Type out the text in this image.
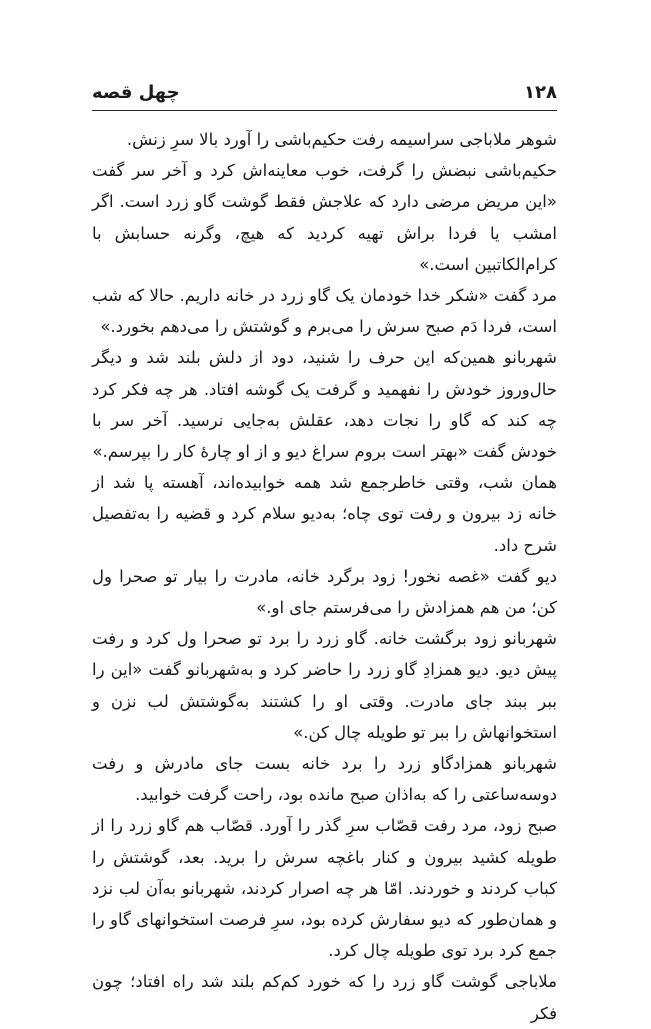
۱۲۸
چهل قصه

شوهر ملاباجی سراسیمه رفت حکیم‌باشی را آورد بالا سرِ زنش.

حکیم‌باشی نبضش را گرفت، خوب معاینه‌اش کرد و آخر سر گفت «این مریض مرضی دارد که علاجش فقط گوشت گاو زرد است. اگر امشب یا فردا براش تهیه کردید که هیچ، وگرنه حسابش با کرام‌الکاتبین است.»

مرد گفت «شکر خدا خودمان یک گاو زرد در خانه داریم. حالا که شب است، فردا دَم صبح سرش را می‌برم و گوشتش را می‌دهم بخورد.»

شهربانو همین‌که این حرف را شنید، دود از دلش بلند شد و دیگر حال‌وروز خودش را نفهمید و گرفت یک گوشه افتاد. هر چه فکر کرد چه کند که گاو را نجات دهد، عقلش به‌جایی نرسید. آخر سر با خودش گفت «بهتر است بروم سراغ دیو و از او چارهٔ کار را بپرسم.»

همان شب، وقتی خاطرجمع شد همه خوابیده‌اند، آهسته پا شد از خانه زد بیرون و رفت توی چاه؛ به‌دیو سلام کرد و قضیه را به‌تفصیل شرح داد.

دیو گفت «غصه نخور! زود برگرد خانه، مادرت را بیار تو صحرا ول کن؛ من هم همزادش را می‌فرستم جای او.»

شهربانو زود برگشت خانه. گاو زرد را برد تو صحرا ول کرد و رفت پیش دیو. دیو همزادِ گاو زرد را حاضر کرد و به‌شهربانو گفت «این را ببر ببند جای مادرت. وقتی او را کشتند به‌گوشتش لب نزن و استخوانهاش را ببر تو طویله چال کن.»

شهربانو همزادگاو زرد را برد خانه بست جای مادرش و رفت دوسه‌ساعتی را که به‌اذان صبح مانده بود، راحت گرفت خوابید.

صبح زود، مرد رفت قصّاب سرِ گذر را آورد. قصّاب هم گاو زرد را از طویله کشید بیرون و کنار باغچه سرش را برید. بعد، گوشتش را کباب کردند و خوردند. امّا هر چه اصرار کردند، شهربانو به‌آن لب نزد و همان‌طور که دیو سفارش کرده بود، سرِ فرصت استخوانهای گاو را جمع کرد برد توی طویله چال کرد.

ملاباجی گوشت گاو زرد را که خورد کم‌کم بلند شد راه افتاد؛ چون فکر
